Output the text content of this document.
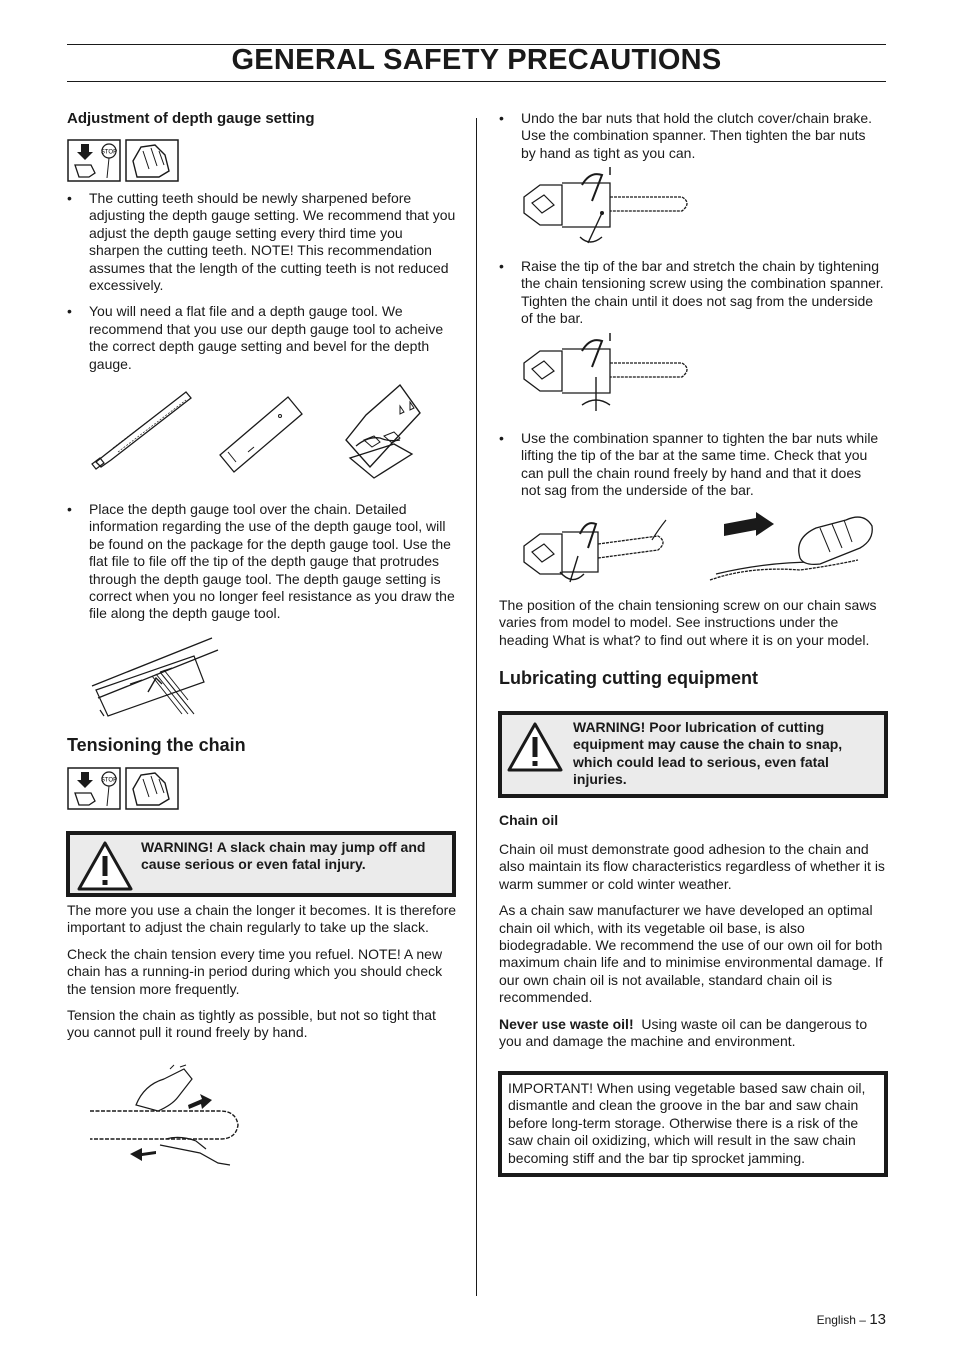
GENERAL SAFETY PRECAUTIONS
Adjustment of depth gauge setting
STOP
• The cutting teeth should be newly sharpened before adjusting the depth gauge setting. We recommend that you adjust the depth gauge setting every third time you sharpen the cutting teeth. NOTE! This recommendation assumes that the length of the cutting teeth is not reduced excessively.
• You will need a flat file and a depth gauge tool. We recommend that you use our depth gauge tool to acheive the correct depth gauge setting and bevel for the depth gauge.
• Place the depth gauge tool over the chain. Detailed information regarding the use of the depth gauge tool, will be found on the package for the depth gauge tool. Use the flat file to file off the tip of the depth gauge that protrudes through the depth gauge tool. The depth gauge setting is correct when you no longer feel resistance as you draw the file along the depth gauge tool.
Tensioning the chain
STOP
WARNING! A slack chain may jump off and cause serious or even fatal injury.
The more you use a chain the longer it becomes. It is therefore important to adjust the chain regularly to take up the slack.
Check the chain tension every time you refuel. NOTE! A new chain has a running-in period during which you should check the tension more frequently.
Tension the chain as tightly as possible, but not so tight that you cannot pull it round freely by hand.
• Undo the bar nuts that hold the clutch cover/chain brake. Use the combination spanner. Then tighten the bar nuts by hand as tight as you can.
• Raise the tip of the bar and stretch the chain by tightening the chain tensioning screw using the combination spanner. Tighten the chain until it does not sag from the underside of the bar.
• Use the combination spanner to tighten the bar nuts while lifting the tip of the bar at the same time. Check that you can pull the chain round freely by hand and that it does not sag from the underside of the bar.
The position of the chain tensioning screw on our chain saws varies from model to model. See instructions under the heading What is what? to find out where it is on your model.
Lubricating cutting equipment
WARNING! Poor lubrication of cutting equipment may cause the chain to snap, which could lead to serious, even fatal injuries.
Chain oil
Chain oil must demonstrate good adhesion to the chain and also maintain its flow characteristics regardless of whether it is warm summer or cold winter weather.
As a chain saw manufacturer we have developed an optimal chain oil which, with its vegetable oil base, is also biodegradable. We recommend the use of our own oil for both maximum chain life and to minimise environmental damage. If our own chain oil is not available, standard chain oil is recommended.
Never use waste oil! Using waste oil can be dangerous to you and damage the machine and environment.
IMPORTANT! When using vegetable based saw chain oil, dismantle and clean the groove in the bar and saw chain before long-term storage. Otherwise there is a risk of the saw chain oil oxidizing, which will result in the saw chain becoming stiff and the bar tip sprocket jamming.
English – 13
